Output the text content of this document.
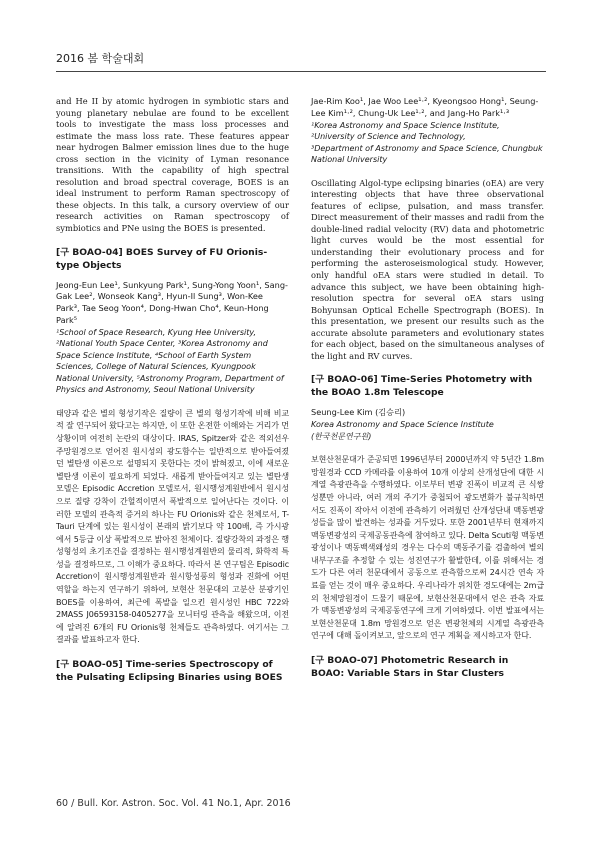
2016 봄 학술대회

and He II by atomic hydrogen in symbiotic stars and young planetary nebulae are found to be excellent tools to investigate the mass loss processes and estimate the mass loss rate. These features appear near hydrogen Balmer emission lines due to the huge cross section in the vicinity of Lyman resonance transitions. With the capability of high spectral resolution and broad spectral coverage, BOES is an ideal instrument to perform Raman spectroscopy of these objects. In this talk, a cursory overview of our research activities on Raman spectroscopy of symbiotics and PNe using the BOES is presented.

[구 BOAO-04] BOES Survey of FU Orionis-type Objects

Jeong-Eun Lee¹, Sunkyung Park¹, Sung-Yong Yoon¹, Sang-Gak Lee², Wonseok Kang³, Hyun-Il Sung³, Won-Kee Park³, Tae Seog Yoon⁴, Dong-Hwan Cho⁴, Keun-Hong Park⁵

¹School of Space Research, Kyung Hee University,
²National Youth Space Center, ³Korea Astronomy and Space Science Institute, ⁴School of Earth System Sciences, College of Natural Sciences, Kyungpook National University, ⁵Astronomy Program, Department of Physics and Astronomy, Seoul National University

태양과 같은 별의 형성기작은 질량이 큰 별의 형성기작에 비해 비교적 잘 연구되어 왔다고는 하지만, 이 또한 온전한 이해와는 거리가 먼 상황이며 여전히 논란의 대상이다. IRAS, Spitzer와 같은 적외선우주망원경으로 얻어진 원시성의 광도함수는 일반적으로 받아들여졌던 별탄생 이론으로 설명되지 못한다는 것이 밝혀졌고, 이에 새로운 별탄생 이론이 필요하게 되었다. 새롭게 받아들여지고 있는 별탄생 모델은 Episodic Accretion 모델로서, 원시행성계원반에서 원시성으로 질량 강착이 간헐적이면서 폭발적으로 일어난다는 것이다. 이러한 모델의 관측적 증거의 하나는 FU Orionis와 같은 천체로서, T-Tauri 단계에 있는 원시성이 본래의 밝기보다 약 100배, 즉 가시광에서 5등급 이상 폭발적으로 밝아진 천체이다. 질량강착의 과정은 행성형성의 초기조건을 결정하는 원시행성계원반의 물리적, 화학적 특성을 결정하므로, 그 이해가 중요하다. 따라서 본 연구팀은 Episodic Accretion이 원시행성계원반과 원시항성풍의 형성과 진화에 어떤 역할을 하는지 연구하기 위하여, 보현산 천문대의 고분산 분광기인 BOES를 이용하여, 최근에 폭발을 일으킨 원시성인 HBC 722와 2MASS J06593158-0405277을 모니터링 관측을 해왔으며, 이전에 알려진 6개의 FU Orionis형 천체들도 관측하였다. 여기서는 그 결과를 발표하고자 한다.

[구 BOAO-05] Time-series Spectroscopy of the Pulsating Eclipsing Binaries using BOES

Jae-Rim Koo¹, Jae Woo Lee¹·², Kyeongsoo Hong¹, Seung-Lee Kim¹·², Chung-Uk Lee¹·², and Jang-Ho Park¹·³

¹Korea Astronomy and Space Science Institute,
²University of Science and Technology,
³Department of Astronomy and Space Science, Chungbuk National University

Oscillating Algol-type eclipsing binaries (oEA) are very interesting objects that have three observational features of eclipse, pulsation, and mass transfer. Direct measurement of their masses and radii from the double-lined radial velocity (RV) data and photometric light curves would be the most essential for understanding their evolutionary process and for performing the asteroseismological study. However, only handful oEA stars were studied in detail. To advance this subject, we have been obtaining high-resolution spectra for several oEA stars using Bohyunsan Optical Echelle Spectrograph (BOES). In this presentation, we present our results such as the accurate absolute parameters and evolutionary states for each object, based on the simultaneous analyses of the light and RV curves.

[구 BOAO-06] Time-Series Photometry with the BOAO 1.8m Telescope

Seung-Lee Kim (김승리)

Korea Astronomy and Space Science Institute
(한국천문연구원)

보현산천문대가 준공되면 1996년부터 2000년까지 약 5년간 1.8m 망원경과 CCD 카메라를 이용하여 10개 이상의 산개성단에 대한 시계열 측광관측을 수행하였다. 이로부터 변광 진폭이 비교적 큰 식쌍성뿐만 아니라, 여러 개의 주기가 중첩되어 광도변화가 불규칙하면서도 진폭이 작아서 이전에 관측하기 어려웠던 산개성단내 맥동변광성들을 많이 발견하는 성과를 거두었다. 또한 2001년부터 현재까지 맥동변광성의 국제공동관측에 참여하고 있다. Delta Scuti형 맥동변광성이나 맥동백색왜성의 경우는 다수의 맥동주기를 검출하여 별의 내부구조를 추정할 수 있는 성진연구가 활발한데, 이를 위해서는 경도가 다른 여러 천문대에서 공동으로 관측함으로써 24시간 연속 자료를 얻는 것이 매우 중요하다. 우리나라가 위치한 경도대에는 2m급의 천체망원경이 드물기 때문에, 보현산천문대에서 얻은 관측 자료가 맥동변광성의 국제공동연구에 크게 기여하였다. 이번 발표에서는 보현산천문대 1.8m 망원경으로 얻은 변광천체의 시계열 측광관측 연구에 대해 돌이켜보고, 앞으로의 연구 계획을 제시하고자 한다.

[구 BOAO-07] Photometric Research in BOAO: Variable Stars in Star Clusters
60 / Bull. Kor. Astron. Soc. Vol. 41 No.1, Apr. 2016
